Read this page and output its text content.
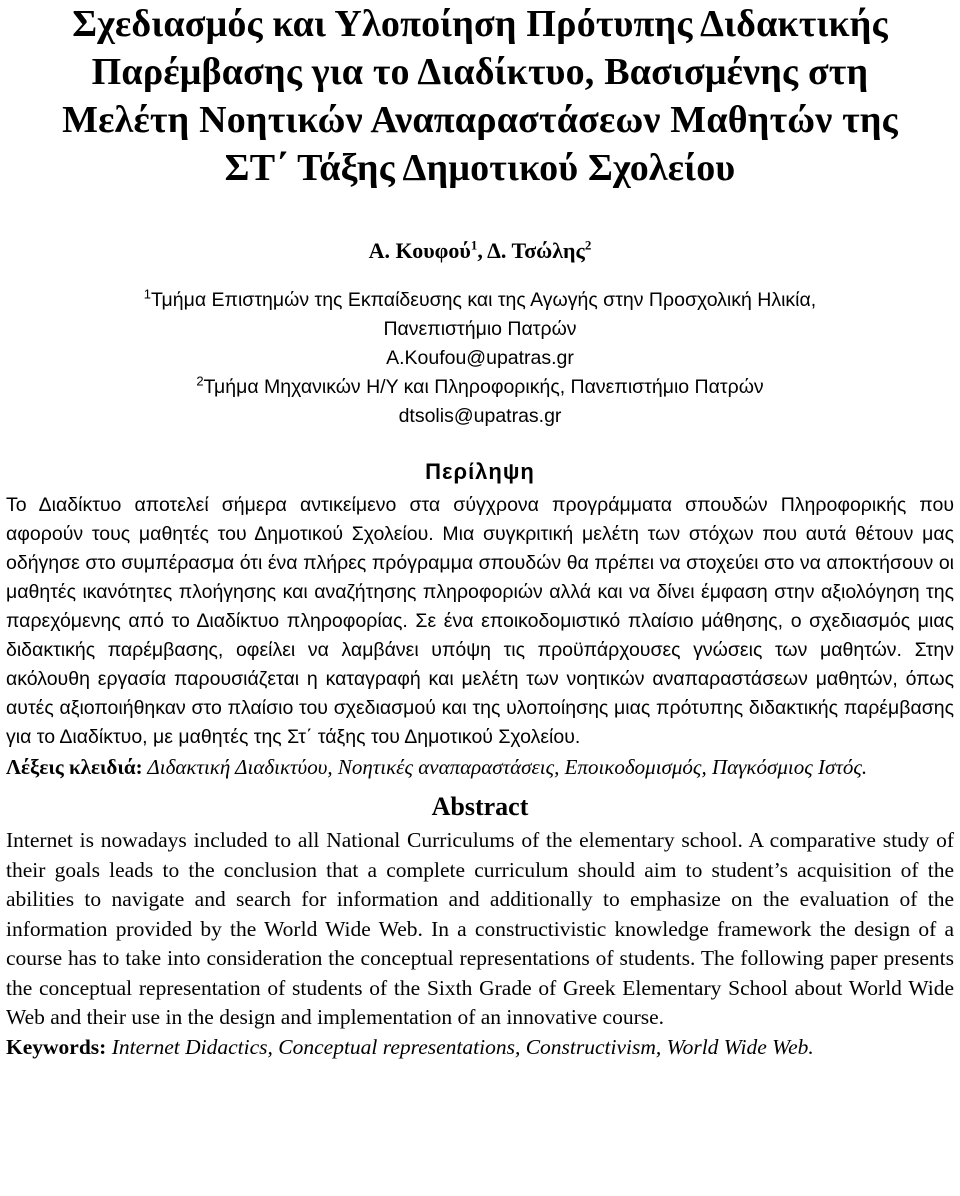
Σχεδιασμός και Υλοποίηση Πρότυπης Διδακτικής
Παρέμβασης για το Διαδίκτυο, Βασισμένης στη
Μελέτη Νοητικών Αναπαραστάσεων Μαθητών της
ΣΤ΄ Τάξης Δημοτικού Σχολείου

Α. Κουφού$^1$, Δ. Τσώλης$^2$

$^1$Τμήμα Επιστημών της Εκπαίδευσης και της Αγωγής στην Προσχολική Ηλικία,

Πανεπιστήμιο Πατρών

A.Koufou@upatras.gr

$^2$Τμήμα Μηχανικών Η/Υ και Πληροφορικής, Πανεπιστήμιο Πατρών

dtsolis@upatras.gr

Περίληψη

Το Διαδίκτυο αποτελεί σήμερα αντικείμενο στα σύγχρονα προγράμματα σπουδών Πληροφορικής που αφορούν τους μαθητές του Δημοτικού Σχολείου. Μια συγκριτική μελέτη των στόχων που αυτά θέτουν μας οδήγησε στο συμπέρασμα ότι ένα πλήρες πρόγραμμα σπουδών θα πρέπει να στοχεύει στο να αποκτήσουν οι μαθητές ικανότητες πλοήγησης και αναζήτησης πληροφοριών αλλά και να δίνει έμφαση στην αξιολόγηση της παρεχόμενης από το Διαδίκτυο πληροφορίας. Σε ένα εποικοδομιστικό πλαίσιο μάθησης, ο σχεδιασμός μιας διδακτικής παρέμβασης, οφείλει να λαμβάνει υπόψη τις προϋπάρχουσες γνώσεις των μαθητών. Στην ακόλουθη εργασία παρουσιάζεται η καταγραφή και μελέτη των νοητικών αναπαραστάσεων μαθητών, όπως αυτές αξιοποιήθηκαν στο πλαίσιο του σχεδιασμού και της υλοποίησης μιας πρότυπης διδακτικής παρέμβασης για το Διαδίκτυο, με μαθητές της Στ΄ τάξης του Δημοτικού Σχολείου.

Λέξεις κλειδιά: Διδακτική Διαδικτύου, Νοητικές αναπαραστάσεις, Εποικοδομισμός, Παγκόσμιος Ιστός.

Abstract

Internet is nowadays included to all National Curriculums of the elementary school. A comparative study of their goals leads to the conclusion that a complete curriculum should aim to student’s acquisition of the abilities to navigate and search for information and additionally to emphasize on the evaluation of the information provided by the World Wide Web. In a constructivistic knowledge framework the design of a course has to take into consideration the conceptual representations of students. The following paper presents the conceptual representation of students of the Sixth Grade of Greek Elementary School about World Wide Web and their use in the design and implementation of an innovative course.

Keywords: Internet Didactics, Conceptual representations, Constructivism, World Wide Web.
